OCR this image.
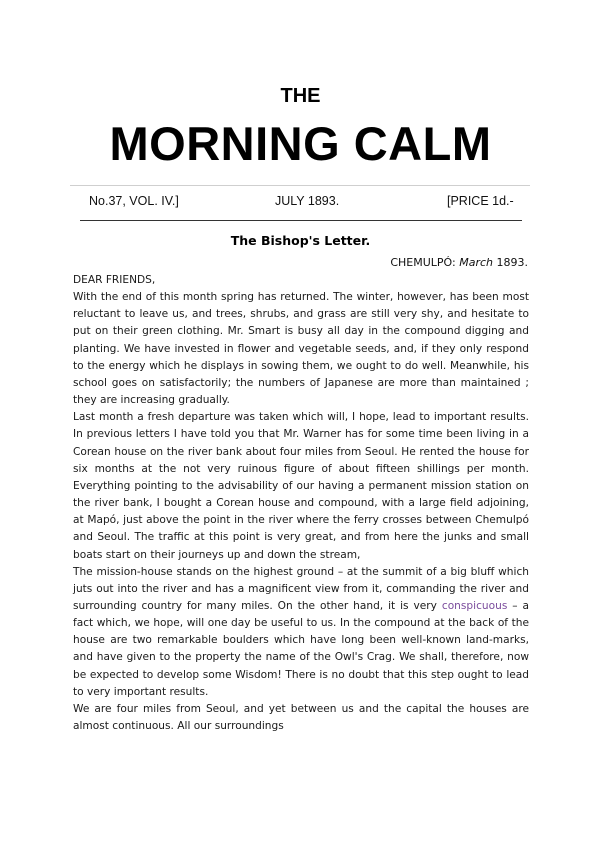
THE
MORNING CALM
No.37, VOL. IV.]	JULY 1893.	[PRICE 1d.-
The Bishop's Letter.
CHEMULPÓ: March 1893.

DEAR FRIENDS,

With the end of this month spring has returned. The winter, however, has been most reluctant to leave us, and trees, shrubs, and grass are still very shy, and hesitate to put on their green clothing. Mr. Smart is busy all day in the compound digging and planting. We have invested in flower and vegetable seeds, and, if they only respond to the energy which he displays in sowing them, we ought to do well. Meanwhile, his school goes on satisfactorily; the numbers of Japanese are more than maintained ; they are increasing gradually.

Last month a fresh departure was taken which will, I hope, lead to important results. In previous letters I have told you that Mr. Warner has for some time been living in a Corean house on the river bank about four miles from Seoul. He rented the house for six months at the not very ruinous figure of about fifteen shillings per month. Everything pointing to the advisability of our having a permanent mission station on the river bank, I bought a Corean house and compound, with a large field adjoining, at Mapó, just above the point in the river where the ferry crosses between Chemulpó and Seoul. The traffic at this point is very great, and from here the junks and small boats start on their journeys up and down the stream,

The mission-house stands on the highest ground – at the summit of a big bluff which juts out into the river and has a magnificent view from it, commanding the river and surrounding country for many miles. On the other hand, it is very conspicuous – a fact which, we hope, will one day be useful to us. In the compound at the back of the house are two remarkable boulders which have long been well-known land-marks, and have given to the property the name of the Owl's Crag. We shall, therefore, now be expected to develop some Wisdom! There is no doubt that this step ought to lead to very important results.

We are four miles from Seoul, and yet between us and the capital the houses are almost continuous. All our surroundings
